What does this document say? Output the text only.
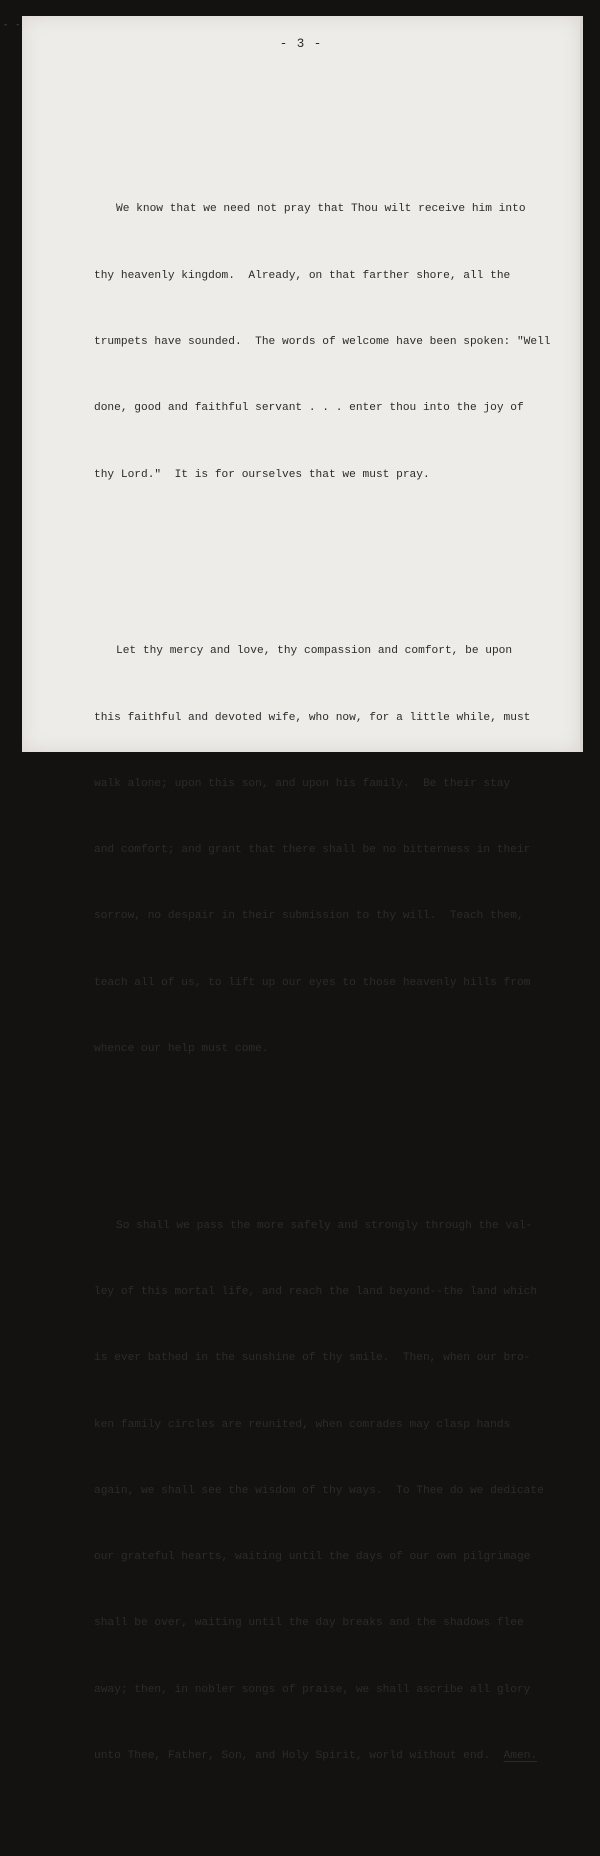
- -
- 3 -

We know that we need not pray that Thou wilt receive him into

thy heavenly kingdom.  Already, on that farther shore, all the

trumpets have sounded.  The words of welcome have been spoken: "Well

done, good and faithful servant . . . enter thou into the joy of

thy Lord."  It is for ourselves that we must pray.

Let thy mercy and love, thy compassion and comfort, be upon

this faithful and devoted wife, who now, for a little while, must

walk alone; upon this son, and upon his family.  Be their stay

and comfort; and grant that there shall be no bitterness in their

sorrow, no despair in their submission to thy will.  Teach them,

teach all of us, to lift up our eyes to those heavenly hills from

whence our help must come.

So shall we pass the more safely and strongly through the val-

ley of this mortal life, and reach the land beyond--the land which

is ever bathed in the sunshine of thy smile.  Then, when our bro-

ken family circles are reunited, when comrades may clasp hands

again, we shall see the wisdom of thy ways.  To Thee do we dedicate

our grateful hearts, waiting until the days of our own pilgrimage

shall be over, waiting until the day breaks and the shadows flee

away; then, in nobler songs of praise, we shall ascribe all glory

unto Thee, Father, Son, and Holy Spirit, world without end. Amen.
